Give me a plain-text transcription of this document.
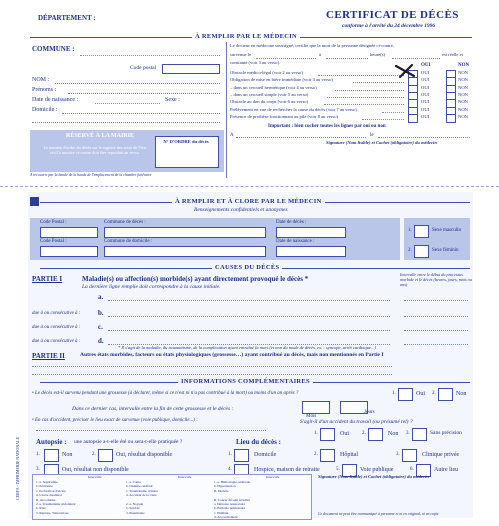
DÉPARTEMENT :	CERTIFICAT DE DÉCÈS
conforme à l'arrêté du 24 décembre 1996
À REMPLIR PAR LE MÉDECIN
COMMUNE :
Code postal
NOM :
Prénoms :
Date de naissance :	Sexe :
Domicile :
RÉSERVÉ À LA MAIRIE
Le numéro d'ordre du décès sur le registre des actes de l'état civil à inscrire ci-contre doit être reproduit au verso.
N° D'ORDRE du décès
A recouvrir par la bande de la bande de l'emplacement de la chambre funéraire
Le docteur en médecine soussigné, certifie que la mort de la personne désignée ci-contre,
survenue le	à	heure(s)	est réelle et
constante (voir 3 au verso).
OUI	NON
Obstacle médico-légal (voir 2 au verso)	OUI	NON
Obligation de mise en bière immédiate (voir 3 au verso)	OUI	NON
– dans un cercueil hermétique (voir 4 au verso)	OUI	NON
– dans un cercueil simple (voir 5 au verso)	OUI	NON
Obstacle au don du corps (voir 6 au verso)	OUI	NON
Prélèvement en vue de rechercher la cause du décès (voir 7 au verso)	OUI	NON
Présence de prothèse fonctionnant au pile (voir 8 au verso)	OUI	NON
Important : bien cocher toutes les lignes par oui ou non
A	le
Signature (Nom lisible) et Cachet (obligatoire) du médecin
À REMPLIR ET À CLORE PAR LE MÉDECIN
Renseignements confidentiels et anonymes
Code Postal :	Commune de décès :	Date de décès :
Code Postal :	Commune de domicile :	Date de naissance :
1.	Sexe masculin
2.	Sexe féminin
CAUSES DU DÉCÈS
PARTIE I	Maladie(s) ou affection(s) morbide(s) ayant directement provoqué le décès *
La dernière ligne remplie doit correspondre à la cause initiale.
Intervalle entre le début du processus morbide et le décès (heures, jours, mois ou ans)
a.
due à ou consécutive à :	b.
due à ou consécutive à :	c.
due à ou consécutive à :	d.
* Il s'agit de la maladie, du traumatisme, de la complication ayant entraîné la mort (et non du mode de décès, ex. : syncope, arrêt cardiaque...)
PARTIE II	Autres états morbides, facteurs ou états physiologiques (grossesse…) ayant contribué au décès, mais non mentionnés en Partie I
INFORMATIONS COMPLÉMENTAIRES
• Le décès est-il survenu pendant une grossesse (à déclarer, même si ce n'est ni n'a pas contribué à la mort) ou moins d'un an après ?	1.	Oui 2.	Non
Dans ce dernier cas, intervalle entre la fin de cette grossesse et le décès :
Mois
Jours
• En cas d'accident, préciser le lieu exact de survenue (voie publique, domicile...) :	S'agit-il d'un accident du travail (ou présumé tel) ?
1.	Oui	2.	Non 3.	Sans précision
Autopsie : une autopsie a-t-elle été ou sera-t-elle pratiquée ?
1.	Non	2.	Oui, résultat disponible
3.	Oui, résultat non disponible
Lieu du décès :
1.	Domicile	2.	Hôpital	3.	Clinique privée
4.	Hospice, maison de retraite	5.	Voie publique	6.	Autre lieu
Intervalle
1. a. Septicémie
b. Péritonite
c. Perforation d'ulcère
d. Ulcère duodénal
II. Alcoolisme
2. a. Traumatisme abdominal
b. Rixe
3. Rupture, Tuberculose
Intervalle
1. a. Coma
b. Oedème cérébral
c. Traumatisme crânien
d. Accident de la route
2. a. Noyade
b. Suicide
3. Pneumonie
Intervalle
1. a. Hémorragie cérébrale
b. Hypertension
II. Diabète
II. Cancer du sein récidivé
a. Détresse respiratoire
b. Embolie pulmonaire
c. Phlébite
d. Accouchement
Signature (Nom lisible) et Cachet (obligatoire) du médecin
Ce document ne peut être communiqué à personne et ni en original, ni en copie
CERFA - IMPRIMERIE NATIONALE
